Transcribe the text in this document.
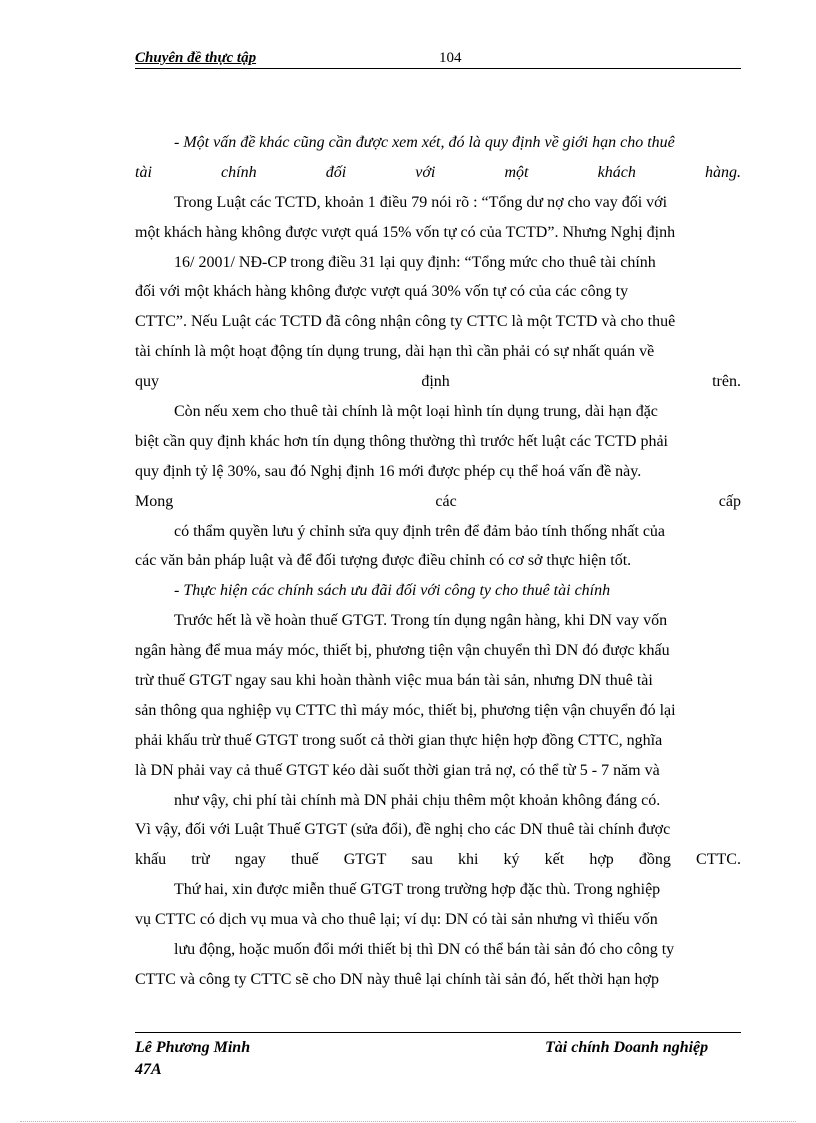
Chuyên đề thực tập	104
- Một vấn đề khác cũng cần được xem xét, đó là quy định về giới hạn cho thuê
tài	chính	đối	với	một	khách	hàng.
Trong Luật các TCTD, khoản 1 điều 79 nói rõ : “Tổng dư nợ cho vay đối với
một khách hàng không được vượt quá 15% vốn tự có của TCTD”. Nhưng Nghị định
16/ 2001/ NĐ-CP trong điều 31 lại quy định: “Tổng mức cho thuê tài chính
đối với một khách hàng không được vượt quá 30% vốn tự có của các công ty
CTTC”. Nếu Luật các TCTD đã công nhận công ty CTTC là một TCTD và cho thuê
tài chính là một hoạt động tín dụng trung, dài hạn thì cần phải có sự nhất quán về
quy	định	trên.
Còn nếu xem cho thuê tài chính là một loại hình tín dụng trung, dài hạn đặc
biệt cần quy định khác hơn tín dụng thông thường thì trước hết luật các TCTD phải
quy định tỷ lệ 30%, sau đó Nghị định 16 mới được phép cụ thể hoá vấn đề này.
Mong	các	cấp
có thẩm quyền lưu ý chỉnh sửa quy định trên để đảm bảo tính thống nhất của
các văn bản pháp luật và để đối tượng được điều chỉnh có cơ sở thực hiện tốt.
- Thực hiện các chính sách ưu đãi đối với công ty cho thuê tài chính
Trước hết là về hoàn thuế GTGT. Trong tín dụng ngân hàng, khi DN vay vốn
ngân hàng để mua máy móc, thiết bị, phương tiện vận chuyển thì DN đó được khấu
trừ thuế GTGT ngay sau khi hoàn thành việc mua bán tài sản, nhưng DN thuê tài
sản thông qua nghiệp vụ CTTC thì máy móc, thiết bị, phương tiện vận chuyển đó lại
phải khấu trừ thuế GTGT trong suốt cả thời gian thực hiện hợp đồng CTTC, nghĩa
là DN phải vay cả thuế GTGT kéo dài suốt thời gian trả nợ, có thể từ 5 - 7 năm và
như vậy, chi phí tài chính mà DN phải chịu thêm một khoản không đáng có.
Vì vậy, đối với Luật Thuế GTGT (sửa đổi), đề nghị cho các DN thuê tài chính được
khấu trừ ngay thuế GTGT sau khi ký kết hợp đồng CTTC.
Thứ hai, xin được miễn thuế GTGT trong trường hợp đặc thù. Trong nghiệp
vụ CTTC có dịch vụ mua và cho thuê lại; ví dụ: DN có tài sản nhưng vì thiếu vốn
lưu động, hoặc muốn đổi mới thiết bị thì DN có thể bán tài sản đó cho công ty
CTTC và công ty CTTC sẽ cho DN này thuê lại chính tài sản đó, hết thời hạn hợp
Lê Phương Minh	Tài chính Doanh nghiệp
47A
